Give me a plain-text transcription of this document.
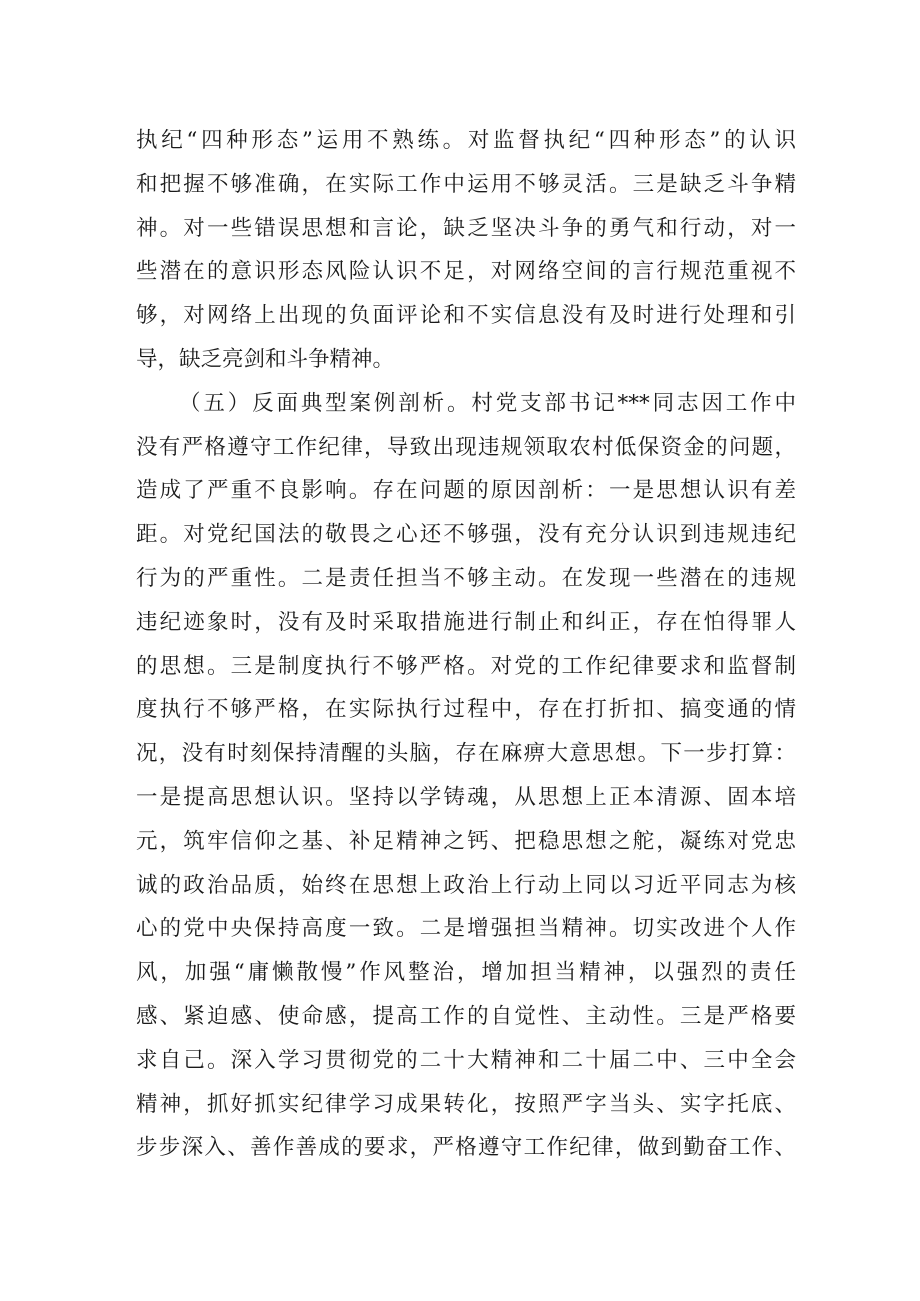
执纪“四种形态”运用不熟练。对监督执纪“四种形态”的认识
和把握不够准确，在实际工作中运用不够灵活。三是缺乏斗争精
神。对一些错误思想和言论，缺乏坚决斗争的勇气和行动，对一
些潜在的意识形态风险认识不足，对网络空间的言行规范重视不
够，对网络上出现的负面评论和不实信息没有及时进行处理和引
导，缺乏亮剑和斗争精神。
（五）反面典型案例剖析。村党支部书记***同志因工作中
没有严格遵守工作纪律，导致出现违规领取农村低保资金的问题，
造成了严重不良影响。存在问题的原因剖析：一是思想认识有差
距。对党纪国法的敬畏之心还不够强，没有充分认识到违规违纪
行为的严重性。二是责任担当不够主动。在发现一些潜在的违规
违纪迹象时，没有及时采取措施进行制止和纠正，存在怕得罪人
的思想。三是制度执行不够严格。对党的工作纪律要求和监督制
度执行不够严格，在实际执行过程中，存在打折扣、搞变通的情
况，没有时刻保持清醒的头脑，存在麻痹大意思想。下一步打算：
一是提高思想认识。坚持以学铸魂，从思想上正本清源、固本培
元，筑牢信仰之基、补足精神之钙、把稳思想之舵，凝练对党忠
诚的政治品质，始终在思想上政治上行动上同以习近平同志为核
心的党中央保持高度一致。二是增强担当精神。切实改进个人作
风，加强“庸懒散慢”作风整治，增加担当精神，以强烈的责任
感、紧迫感、使命感，提高工作的自觉性、主动性。三是严格要
求自己。深入学习贯彻党的二十大精神和二十届二中、三中全会
精神，抓好抓实纪律学习成果转化，按照严字当头、实字托底、
步步深入、善作善成的要求，严格遵守工作纪律，做到勤奋工作、
